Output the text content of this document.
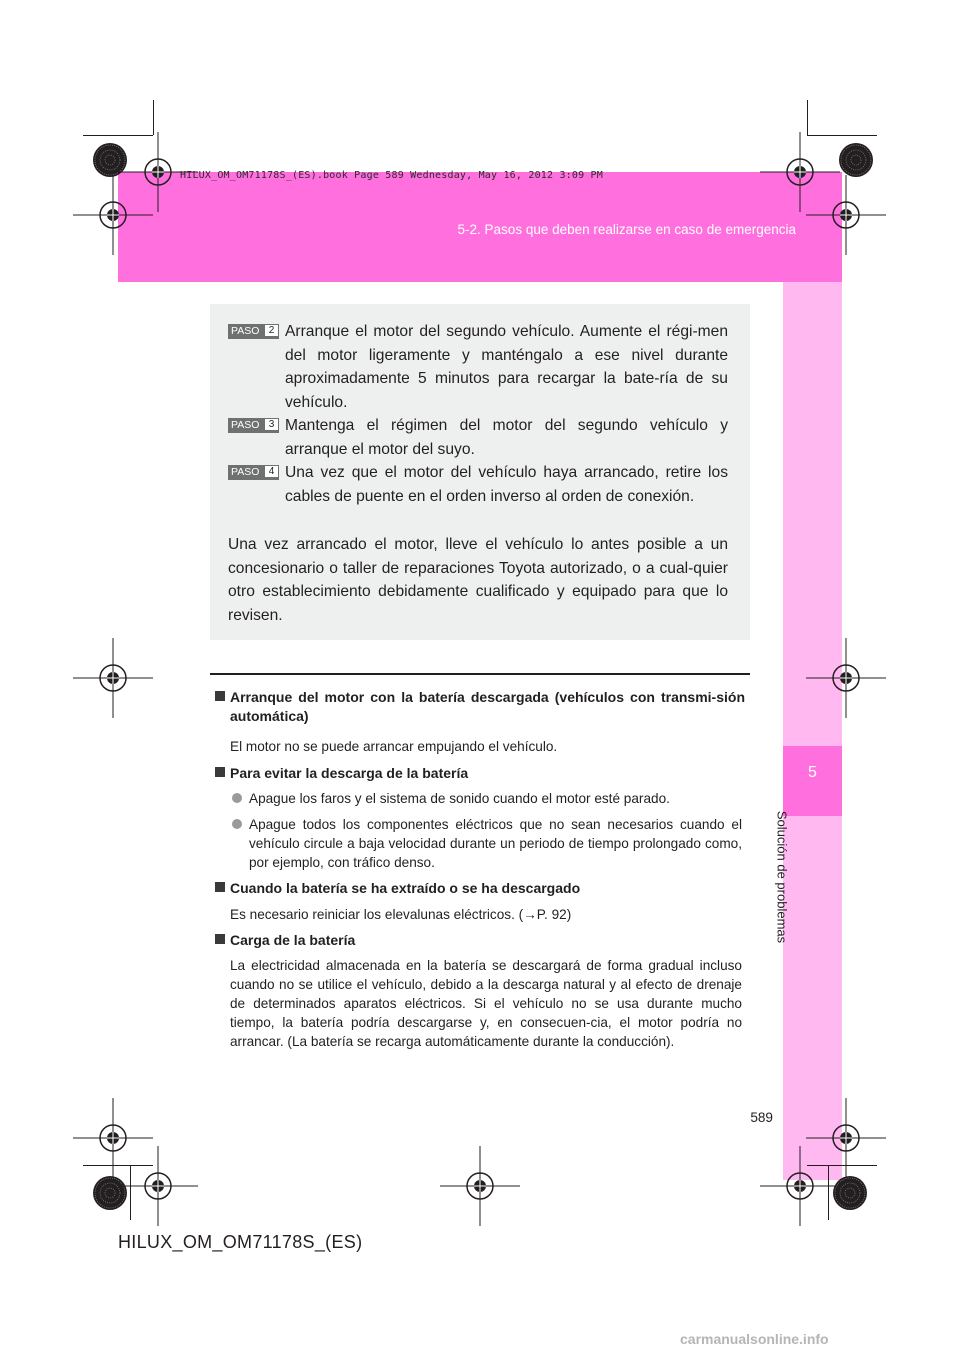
HILUX_OM_OM71178S_(ES).book Page 589 Wednesday, May 16, 2012 3:09 PM
5-2. Pasos que deben realizarse en caso de emergencia
5
Solución de problemas
PASO 2 Arranque el motor del segundo vehículo. Aumente el régi-men del motor ligeramente y manténgalo a ese nivel durante aproximadamente 5 minutos para recargar la bate-ría de su vehículo.
PASO 3 Mantenga el régimen del motor del segundo vehículo y arranque el motor del suyo.
PASO 4 Una vez que el motor del vehículo haya arrancado, retire los cables de puente en el orden inverso al orden de conexión.
Una vez arrancado el motor, lleve el vehículo lo antes posible a un concesionario o taller de reparaciones Toyota autorizado, o a cual-quier otro establecimiento debidamente cualificado y equipado para que lo revisen.
Arranque del motor con la batería descargada (vehículos con transmi-sión automática)
El motor no se puede arrancar empujando el vehículo.
Para evitar la descarga de la batería
Apague los faros y el sistema de sonido cuando el motor esté parado.
Apague todos los componentes eléctricos que no sean necesarios cuando el vehículo circule a baja velocidad durante un periodo de tiempo prolongado como, por ejemplo, con tráfico denso.
Cuando la batería se ha extraído o se ha descargado
Es necesario reiniciar los elevalunas eléctricos. (→P. 92)
Carga de la batería
La electricidad almacenada en la batería se descargará de forma gradual incluso cuando no se utilice el vehículo, debido a la descarga natural y al efecto de drenaje de determinados aparatos eléctricos. Si el vehículo no se usa durante mucho tiempo, la batería podría descargarse y, en consecuen-cia, el motor podría no arrancar. (La batería se recarga automáticamente durante la conducción).
589
HILUX_OM_OM71178S_(ES)
carmanualsonline.info
